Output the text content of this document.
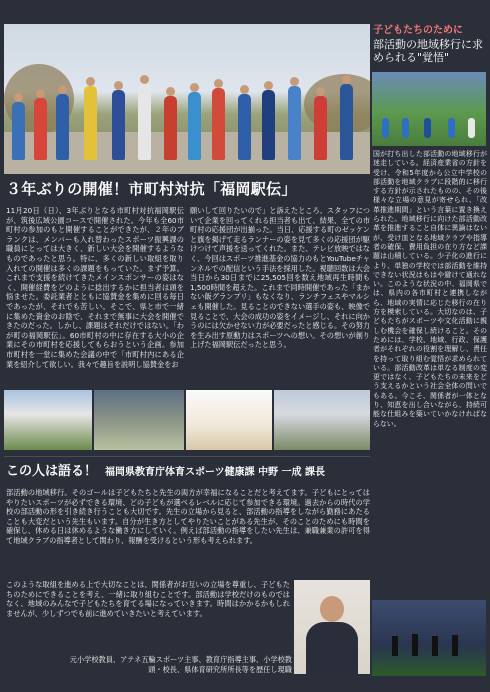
子どもたちのために
部活動の地域移行に求められる"覚悟"
３年ぶりの開催！市町村対抗「福岡駅伝」
11月20日（日）、3年ぶりとなる市町村対抗福岡駅伝が、筑後広域公園コースで開催された。今年も全60市町村の参加のもと開催することができたが、２年のブランクは、メンバーも入れ替わったスポーツ振興課の職員にとっては大きく、新しい大会を開催するようなものであったと思う。特に、多くの新しい取組を取り入れての開催は多くの課題をもっていた。まず予算。これまで支援を続けてきたメインスポンサーの姿はなく、開催経費をどのように捻出するかに担当者は頭を悩ませた。委託業者とともに協賛金を集めに回る毎日であったが、それでも苦しい。そこで、県と市で一緒に集めた資金のお陰で、それまで無事に大会を開催できたのだった。しかし、課題はそれだけではない。「わが町の福岡駅伝」。60市町村の中に存在する大小の企業にその市町村を応援してもらおうという企画。参加市町村を一堂に集めた会議の中で「市町村内にある企業を紹介して欲しい。我々で趣旨を説明し協賛金をお
願いして回りたいので」と訴えたところ、スタッフについて企業を回ってくれる担当者も出て、結果、全ての市町村の応援団が出揃った。当日、応援する町のゼッケンと旗を掲げて走るランナーの姿を見て多くの応援団が駆けつけて声援を送ってくれた。また、テレビ放映ではなく、今回はスポーツ推進基金の協力のもとYouTubeチャンネルでの配信という手法を採用した。視聴回数は大会当日から30日までに25,505回を数え地域再生時間も1,500時間を超えた。これまで同時開催であった「まかない飯グランプリ」もなくなり、ランチフェスやマルシェも開催した。見ることのできない選手の姿も、映像で見ることで、大会の成功の姿をイメージし、それに向かうのには欠かせない力が必要だったと感じる。その努力を生み出す原動力はスポーツへの想い。その想いが創り上げた福岡駅伝だったと思う。
この人は語る！ 福岡県教育庁体育スポーツ健康課 中野 一成 課長
部活動の地域移行。そのゴールは子どもたちと先生の両方が幸福になることだと考えてます。子どもにとってはやりたいスポーツが必ずできる環境、どの子どもが選べるレベルに応じて参加できる環境。過去からの時代の学校の部活動の形を引き続き行うことも大切です。先生の立場から見ると、部活動の指導をしながら勤務にあたることも大変だという先生もいます。自分が生き方としてやりたいことがある先生が、そのことのためにも時間を確保し、休める日は休めるような働き方にしていく。例えば部活動の指導をしたい先生は、兼職兼業の許可を得て地域クラブの指導者として関わり、報酬を受けるという形も考えられます。
このような取組を進める上で大切なことは、関係者がお互いの立場を尊重し、子どもたちのためにできることを考え、一緒に取り組むことです。部活動は学校だけのものではなく、地域のみんなで子どもたちを育てる場になっていきます。時間はかかるかもしれませんが、少しずつでも前に進めていきたいと考えています。
元小学校教員、アテネ五輪スポーツ主事、教育庁指導主事、小学校教頭・校長、県体育研究所所長等を歴任し現職
国が打ち出した部活動の地域移行が迷走している。経済産業省の方針を受け、令和5年度から公立中学校の部活動を地域クラブに段階的に移行する方針が示されたものの、その後様々な立場の意見が寄せられ、「改革推進期間」という言葉に置き換えられた。地域移行に向けた部活動改革を推進すること自体に異論はないが、受け皿となる地域クラブや指導者の確保、費用負担の在り方など課題は山積している。少子化の進行により、単独の学校では部活動を維持できない状況はもはや避けて通れない。このような状況の中、福岡県では、県内の各市町村と連携しながら、地域の実情に応じた移行の在り方を模索している。大切なのは、子どもたちがスポーツや文化活動に親しむ機会を確保し続けること。そのためには、学校、地域、行政、保護者がそれぞれの役割を理解し、責任を持って取り組む覚悟が求められている。部活動改革は単なる制度の変更ではなく、子どもたちの未来をどう支えるかという社会全体の問いでもある。今こそ、関係者が一体となり、知恵を出し合いながら、持続可能な仕組みを築いていかなければならない。
